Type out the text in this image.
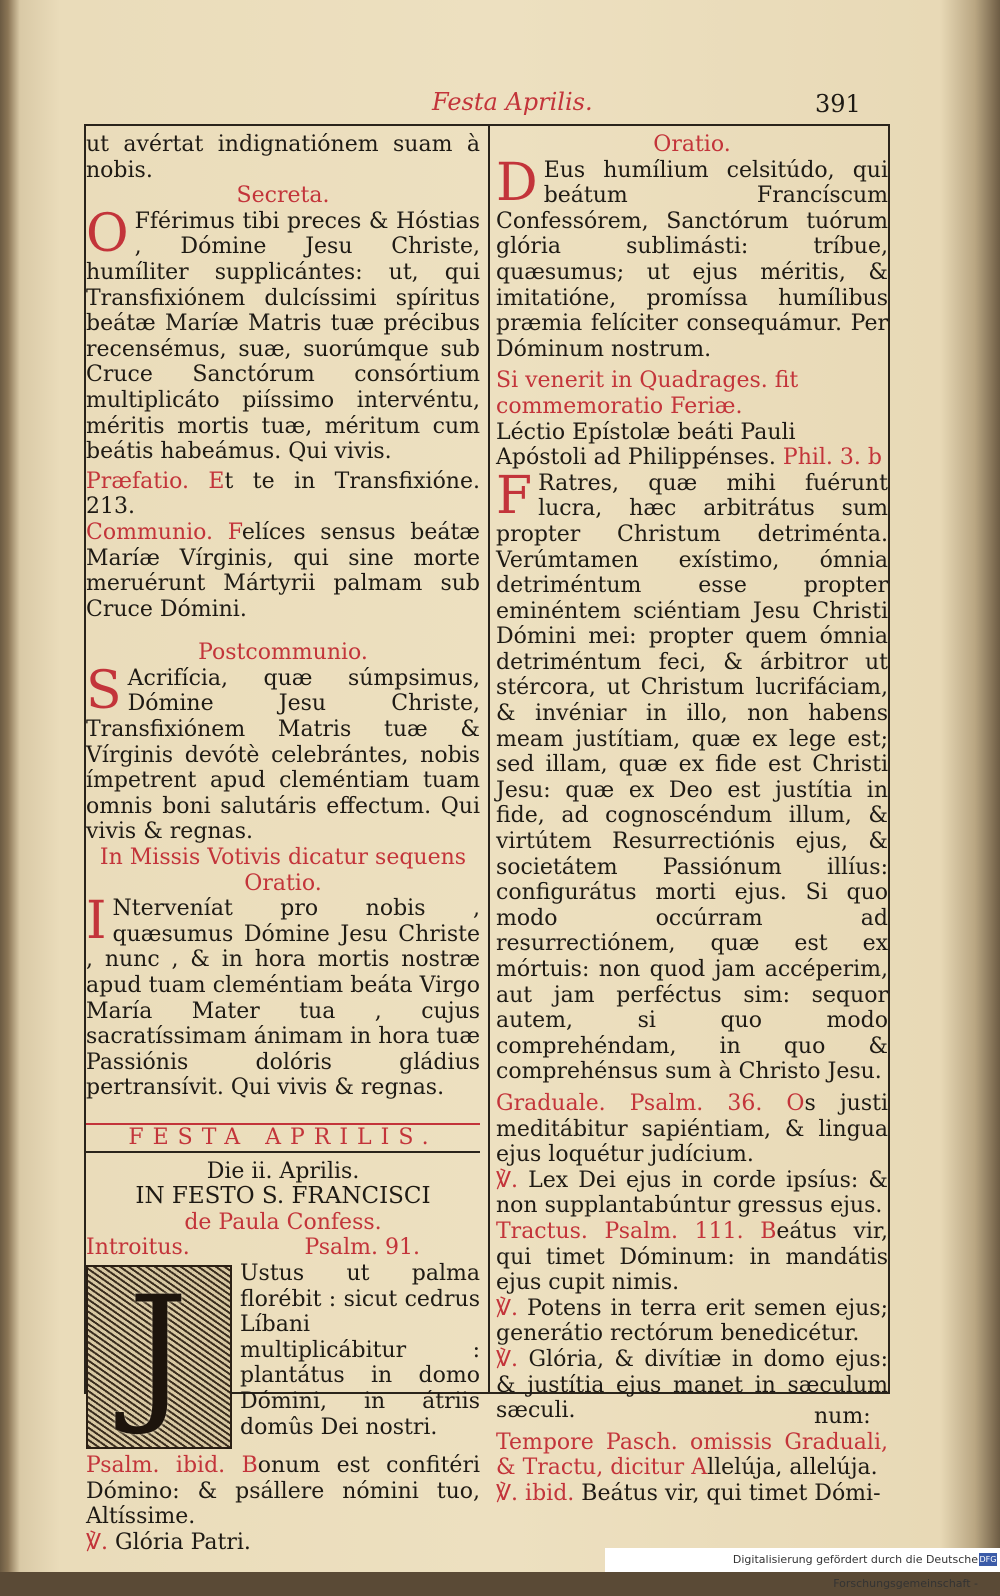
Festa Aprilis.	391

ut avértat indignatiónem suam à nobis.

Secreta.

O Fférimus tibi preces & Hóstias , Dómine Jesu Christe, humíliter supplicántes: ut, qui Transfixiónem dulcíssimi spíritus beátæ Maríæ Matris tuæ précibus recensémus, suæ, suorúmque sub Cruce Sanctórum consórtium multiplicáto piíssimo intervéntu, méritis mortis tuæ, méritum cum beátis habeámus. Qui vivis.

Præfatio. Et te in Transfixióne. 213.

Communio. Felíces sensus beátæ Maríæ Vírginis, qui sine morte meruérunt Mártyrii palmam sub Cruce Dómini.

Postcommunio.

S Acrifícia, quæ súmpsimus, Dómine Jesu Christe, Transfixiónem Matris tuæ & Vírginis devótè celebrántes, nobis ímpetrent apud cleméntiam tuam omnis boni salutáris effectum. Qui vivis & regnas.

In Missis Votivis dicatur sequens

Oratio.

I Nterveníat pro nobis , quæsumus Dómine Jesu Christe , nunc , & in hora mortis nostræ apud tuam cleméntiam beáta Virgo María Mater tua , cujus sacratíssimam ánimam in hora tuæ Passiónis dolóris gládius pertransívit. Qui vivis & regnas.

FESTA APRILIS.

Die ii. Aprilis.

IN FESTO S. FRANCISCI

de Paula Confess.

Introitus.	Psalm. 91.

J Ustus ut palma florébit : sicut cedrus Líbani multiplicábitur : plantátus in domo Dómini, in átriis domûs Dei nostri.

Psalm. ibid. Bonum est confitéri Dómino: & psállere nómini tuo, Altíssime.

℣. Glória Patri.

Oratio.

D Eus humílium celsitúdo, qui beátum Francíscum Confessórem, Sanctórum tuórum glória sublimásti: tríbue, quæsumus; ut ejus méritis, & imitatióne, promíssa humílibus præmia felíciter consequámur. Per Dóminum nostrum.

Si venerit in Quadrages. fit commemoratio Feriæ.

Léctio Epístolæ beáti Pauli Apóstoli ad Philippénses. Phil. 3. b

F Ratres, quæ mihi fuérunt lucra, hæc arbitrátus sum propter Christum detriménta. Verúmtamen exístimo, ómnia detriméntum esse propter eminéntem sciéntiam Jesu Christi Dómini mei: propter quem ómnia detriméntum feci, & árbitror ut stércora, ut Christum lucrifáciam, & invéniar in illo, non habens meam justítiam, quæ ex lege est; sed illam, quæ ex fide est Christi Jesu: quæ ex Deo est justítia in fide, ad cognoscéndum illum, & virtútem Resurrectiónis ejus, & societátem Passiónum illíus: configurátus morti ejus. Si quo modo occúrram ad resurrectiónem, quæ est ex mórtuis: non quod jam accéperim, aut jam perféctus sim: sequor autem, si quo modo comprehéndam, in quo & comprehénsus sum à Christo Jesu.

Graduale. Psalm. 36. Os justi meditábitur sapiéntiam, & lingua ejus loquétur judícium.

℣. Lex Dei ejus in corde ipsíus: & non supplantabúntur gressus ejus.

Tractus. Psalm. 111. Beátus vir, qui timet Dóminum: in mandátis ejus cupit nimis.

℣. Potens in terra erit semen ejus; generátio rectórum benedicétur.

℣. Glória, & divítiæ in domo ejus: & justítia ejus manet in sæculum sæculi.

Tempore Pasch. omissis Graduali, & Tractu, dicitur Allelúja, allelúja.

℣. ibid. Beátus vir, qui timet Dómi-

num:
Digitalisierung gefördert durch die Deutsche Forschungsgemeinschaft -
DFG
